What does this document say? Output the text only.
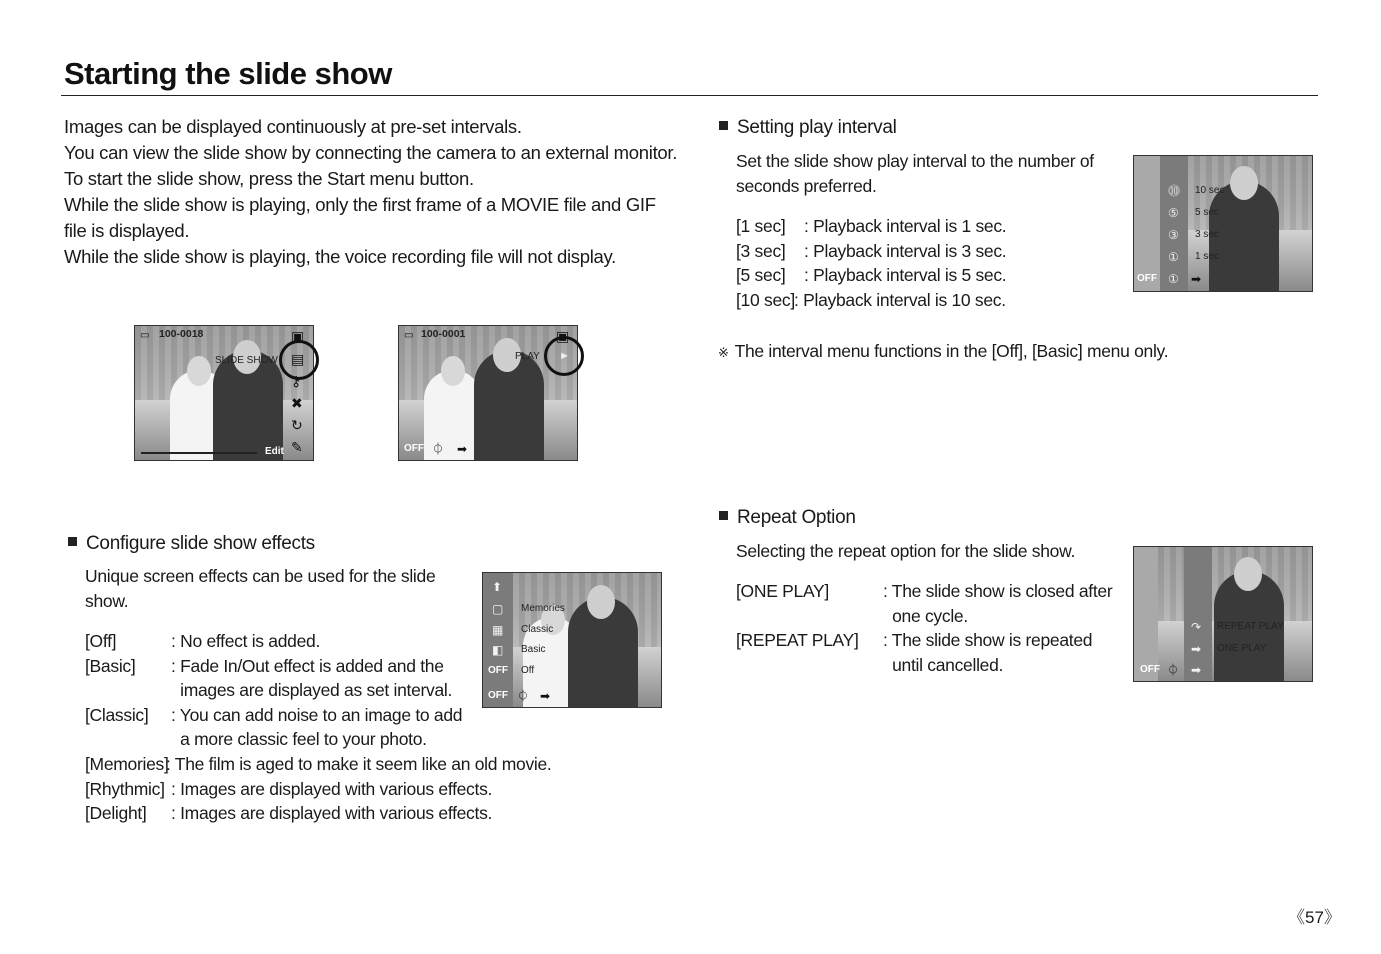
Starting the slide show
Images can be displayed continuously at pre-set intervals.
You can view the slide show by connecting the camera to an external monitor.
To start the slide show, press the Start menu button.
While the slide show is playing, only the first frame of a MOVIE file and GIF
file is displayed.
While the slide show is playing, the voice recording file will not display.
100-0018
▭
SLIDE SHOW
▣
▤
⚷
✖
↻
✎
Edit
▭ 100-0001
PLAY
▣
►
OFF ⏀ ➡
Configure slide show effects
Unique screen effects can be used for the slide
show.
[Off]	: No effect is added.
[Basic] : Fade In/Out effect is added and the
images are displayed as set interval.
[Classic] : You can add noise to an image to add
a more classic feel to your photo.
[Memories]
: The film is aged to make it seem like an old movie.
[Rhythmic] : Images are displayed with various effects.
[Delight] : Images are displayed with various effects.
⬆
▢
▦
◧
OFF
OFF
Memories
Classic
Basic
Off
⏀ ➡
Setting play interval
Set the slide show play interval to the number of
seconds preferred.
[1 sec] : Playback interval is 1 sec.
[3 sec] : Playback interval is 3 sec.
[5 sec] : Playback interval is 5 sec.
[10 sec] : Playback interval is 10 sec.
⓾
⑤
③
①
10 sec
5 sec
3 sec
1 sec
OFF ① ➡
※ The interval menu functions in the [Off], [Basic] menu only.
Repeat Option
Selecting the repeat option for the slide show.
[ONE PLAY]	: The slide show is closed after
one cycle.
[REPEAT PLAY] : The slide show is repeated
until cancelled.
↷
➡
REPEAT PLAY
ONE PLAY
OFF ⏀ ➡
《57》
